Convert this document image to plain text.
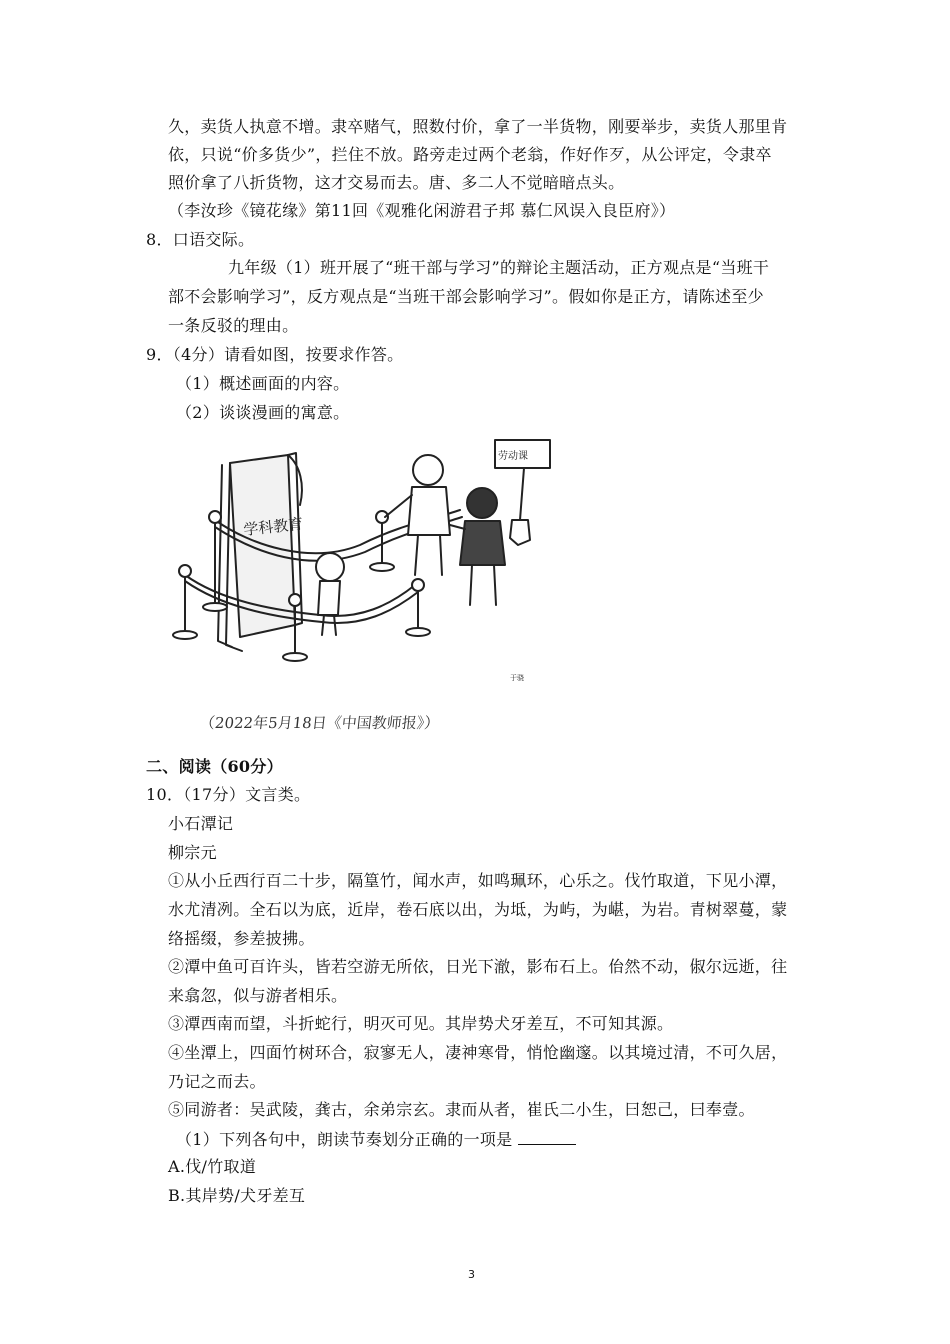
久，卖货人执意不增。隶卒赌气，照数付价，拿了一半货物，刚要举步，卖货人那里肯
依，只说“价多货少”，拦住不放。路旁走过两个老翁，作好作歹，从公评定，令隶卒
照价拿了八折货物，这才交易而去。唐、多二人不觉暗暗点头。
（李汝珍《镜花缘》第11回《观雅化闲游君子邦 慕仁风误入良臣府》）
8．口语交际。
九年级（1）班开展了“班干部与学习”的辩论主题活动，正方观点是“当班干
部不会影响学习”，反方观点是“当班干部会影响学习”。假如你是正方，请陈述至少
一条反驳的理由。
9．（4分）请看如图，按要求作答。
（1）概述画面的内容。
（2）谈谈漫画的寓意。
学科教育
劳动课
于骁
（2022年5月18日《中国教师报》）
二、阅读（60分）
10．（17分）文言类。
小石潭记
柳宗元
①从小丘西行百二十步，隔篁竹，闻水声，如鸣珮环，心乐之。伐竹取道，下见小潭，
水尤清冽。全石以为底，近岸，卷石底以出，为坻，为屿，为嵁，为岩。青树翠蔓，蒙
络摇缀，参差披拂。
②潭中鱼可百许头，皆若空游无所依，日光下澈，影布石上。佁然不动，俶尔远逝，往
来翕忽，似与游者相乐。
③潭西南而望，斗折蛇行，明灭可见。其岸势犬牙差互，不可知其源。
④坐潭上，四面竹树环合，寂寥无人，凄神寒骨，悄怆幽邃。以其境过清，不可久居，
乃记之而去。
⑤同游者：吴武陵，龚古，余弟宗玄。隶而从者，崔氏二小生，曰恕己，曰奉壹。
（1）下列各句中，朗读节奏划分正确的一项是
A.伐/竹取道
B.其岸势/犬牙差互
3
